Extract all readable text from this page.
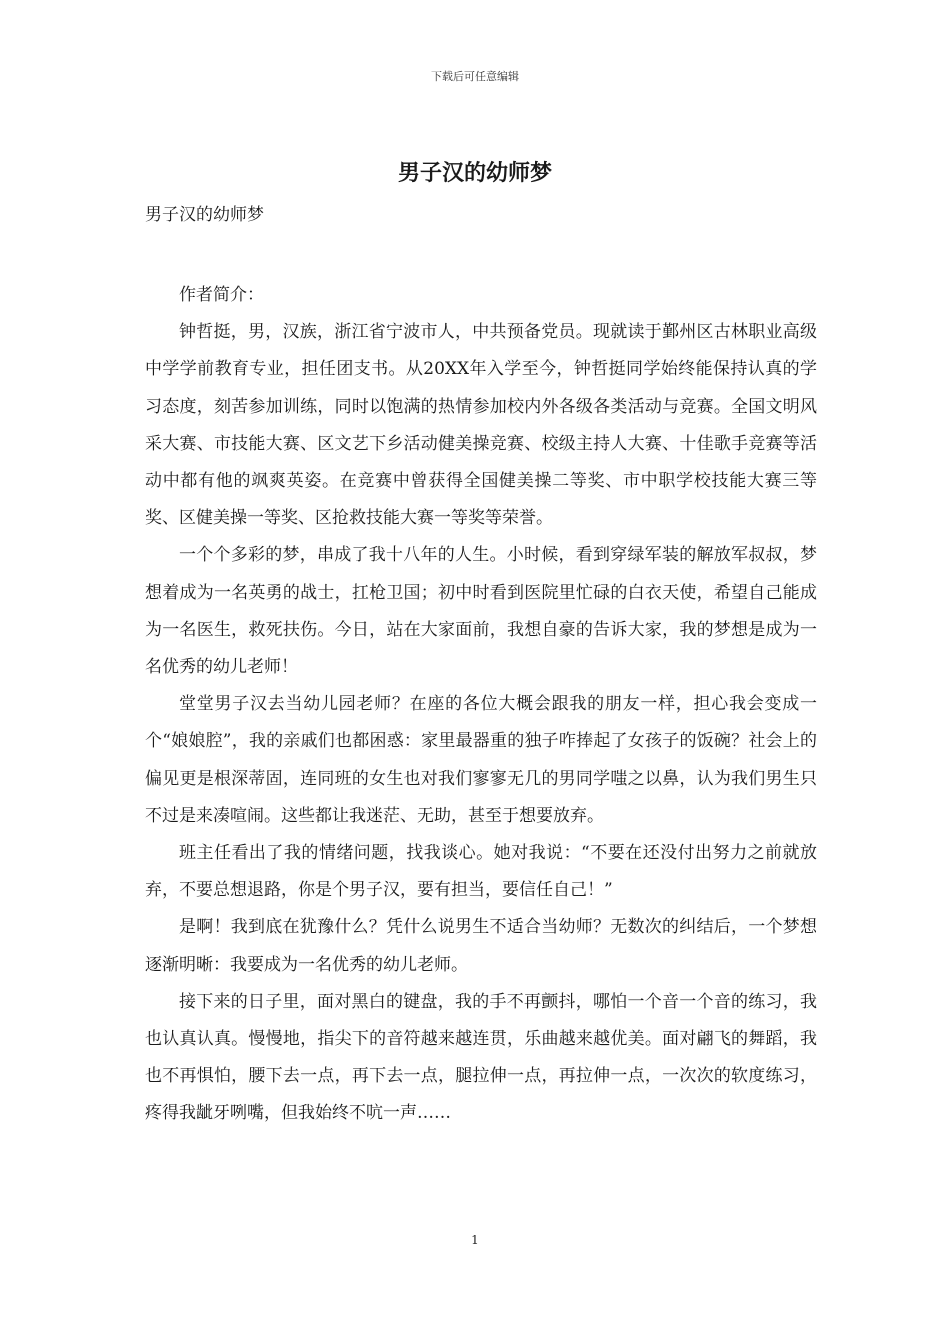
下载后可任意编辑
男子汉的幼师梦

男子汉的幼师梦

作者简介：

钟哲挺，男，汉族，浙江省宁波市人，中共预备党员。现就读于鄞州区古林职业高级中学学前教育专业，担任团支书。从20XX年入学至今，钟哲挺同学始终能保持认真的学习态度，刻苦参加训练，同时以饱满的热情参加校内外各级各类活动与竞赛。全国文明风采大赛、市技能大赛、区文艺下乡活动健美操竞赛、校级主持人大赛、十佳歌手竞赛等活动中都有他的飒爽英姿。在竞赛中曾获得全国健美操二等奖、市中职学校技能大赛三等奖、区健美操一等奖、区抢救技能大赛一等奖等荣誉。

一个个多彩的梦，串成了我十八年的人生。小时候，看到穿绿军装的解放军叔叔，梦想着成为一名英勇的战士，扛枪卫国；初中时看到医院里忙碌的白衣天使，希望自己能成为一名医生，救死扶伤。今日，站在大家面前，我想自豪的告诉大家，我的梦想是成为一名优秀的幼儿老师！

堂堂男子汉去当幼儿园老师？在座的各位大概会跟我的朋友一样，担心我会变成一个“娘娘腔”，我的亲戚们也都困惑：家里最器重的独子咋捧起了女孩子的饭碗？社会上的偏见更是根深蒂固，连同班的女生也对我们寥寥无几的男同学嗤之以鼻，认为我们男生只不过是来凑喧闹。这些都让我迷茫、无助，甚至于想要放弃。

班主任看出了我的情绪问题，找我谈心。她对我说：“不要在还没付出努力之前就放弃，不要总想退路，你是个男子汉，要有担当，要信任自己！”

是啊！我到底在犹豫什么？凭什么说男生不适合当幼师？无数次的纠结后，一个梦想逐渐明晰：我要成为一名优秀的幼儿老师。

接下来的日子里，面对黑白的键盘，我的手不再颤抖，哪怕一个音一个音的练习，我也认真认真。慢慢地，指尖下的音符越来越连贯，乐曲越来越优美。面对翩飞的舞蹈，我也不再惧怕，腰下去一点，再下去一点，腿拉伸一点，再拉伸一点，一次次的软度练习，疼得我龇牙咧嘴，但我始终不吭一声……

1
